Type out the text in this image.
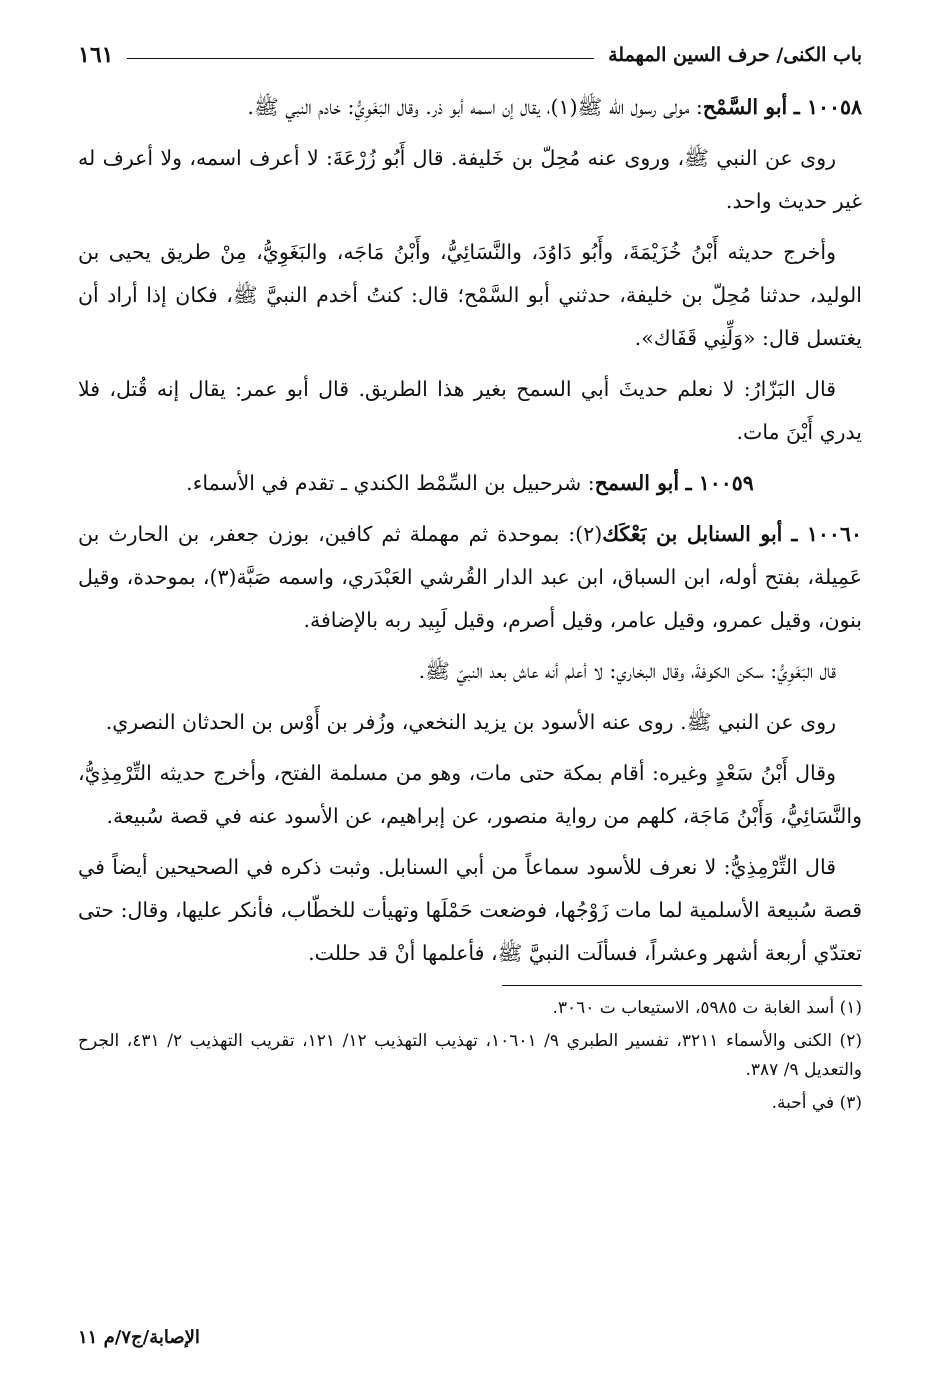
باب الكنى/ حرف السين المهملة
١٦١

١٠٠٥٨ ـ أبو السَّمْح: مولى رسول الله ﷺ(١)، يقال إن اسمه أبو ذر. وقال البَغَوِيُّ: خادم النبي ﷺ.

روى عن النبي ﷺ، وروى عنه مُحِلّ بن خَليفة. قال أَبُو زُرْعَةَ: لا أعرف اسمه، ولا أعرف له غير حديث واحد.

وأخرج حديثه أَبْنُ خُزَيْمَةَ، وأَبُو دَاوُدَ، والنَّسَائِيُّ، وأَبْنُ مَاجَه، والبَغَوِيُّ، مِنْ طريق يحيى بن الوليد، حدثنا مُحِلّ بن خليفة، حدثني أبو السَّمْح؛ قال: كنتُ أخدم النبيَّ ﷺ، فكان إذا أراد أن يغتسل قال: «وَلِّنِي قَفَاك».

قال البَزّارُ: لا نعلم حديثَ أبي السمح بغير هذا الطريق. قال أبو عمر: يقال إنه قُتل، فلا يدري أَيْنَ مات.

١٠٠٥٩ ـ أبو السمح: شرحبيل بن السِّمْط الكندي ـ تقدم في الأسماء.

١٠٠٦٠ ـ أبو السنابل بن بَعْكَك(٢): بموحدة ثم مهملة ثم كافين، بوزن جعفر، بن الحارث بن عَمِيلة، بفتح أوله، ابن السباق، ابن عبد الدار القُرشي العَبْدَري، واسمه صَبَّة(٣)، بموحدة، وقيل بنون، وقيل عمرو، وقيل عامر، وقيل أصرم، وقيل لَبِيد ربه بالإضافة.

قال البَغَوِيُّ: سكن الكوفةَ، وقال البخاري: لا أعلم أنه عاش بعد النبيّ ﷺ.

روى عن النبي ﷺ. روى عنه الأسود بن يزيد النخعي، وزُفر بن أَوْس بن الحدثان النصري.

وقال أَبْنُ سَعْدٍ وغيره: أقام بمكة حتى مات، وهو من مسلمة الفتح، وأخرج حديثه التِّرْمِذِيُّ، والنَّسَائِيُّ، وَأَبْنُ مَاجَة، كلهم من رواية منصور، عن إبراهيم، عن الأسود عنه في قصة سُبيعة.

قال التِّرْمِذِيُّ: لا نعرف للأسود سماعاً من أبي السنابل. وثبت ذكره في الصحيحين أيضاً في قصة سُبيعة الأسلمية لما مات زَوْجُها، فوضعت حَمْلَها وتهيأت للخطّاب، فأنكر عليها، وقال: حتى تعتدّي أربعة أشهر وعشراً، فسألَت النبيَّ ﷺ، فأعلمها أنْ قد حللت.

(١) أسد الغابة ت ٥٩٨٥، الاستيعاب ت ٣٠٦٠.

(٢) الكنى والأسماء ٣٢١١، تفسير الطبري ٩/ ١٠٦٠١، تهذيب التهذيب ١٢/ ١٢١، تقريب التهذيب ٢/ ٤٣١، الجرح والتعديل ٩/ ٣٨٧.

(٣) في أحبة.

الإصابة/ج٧/م ١١
